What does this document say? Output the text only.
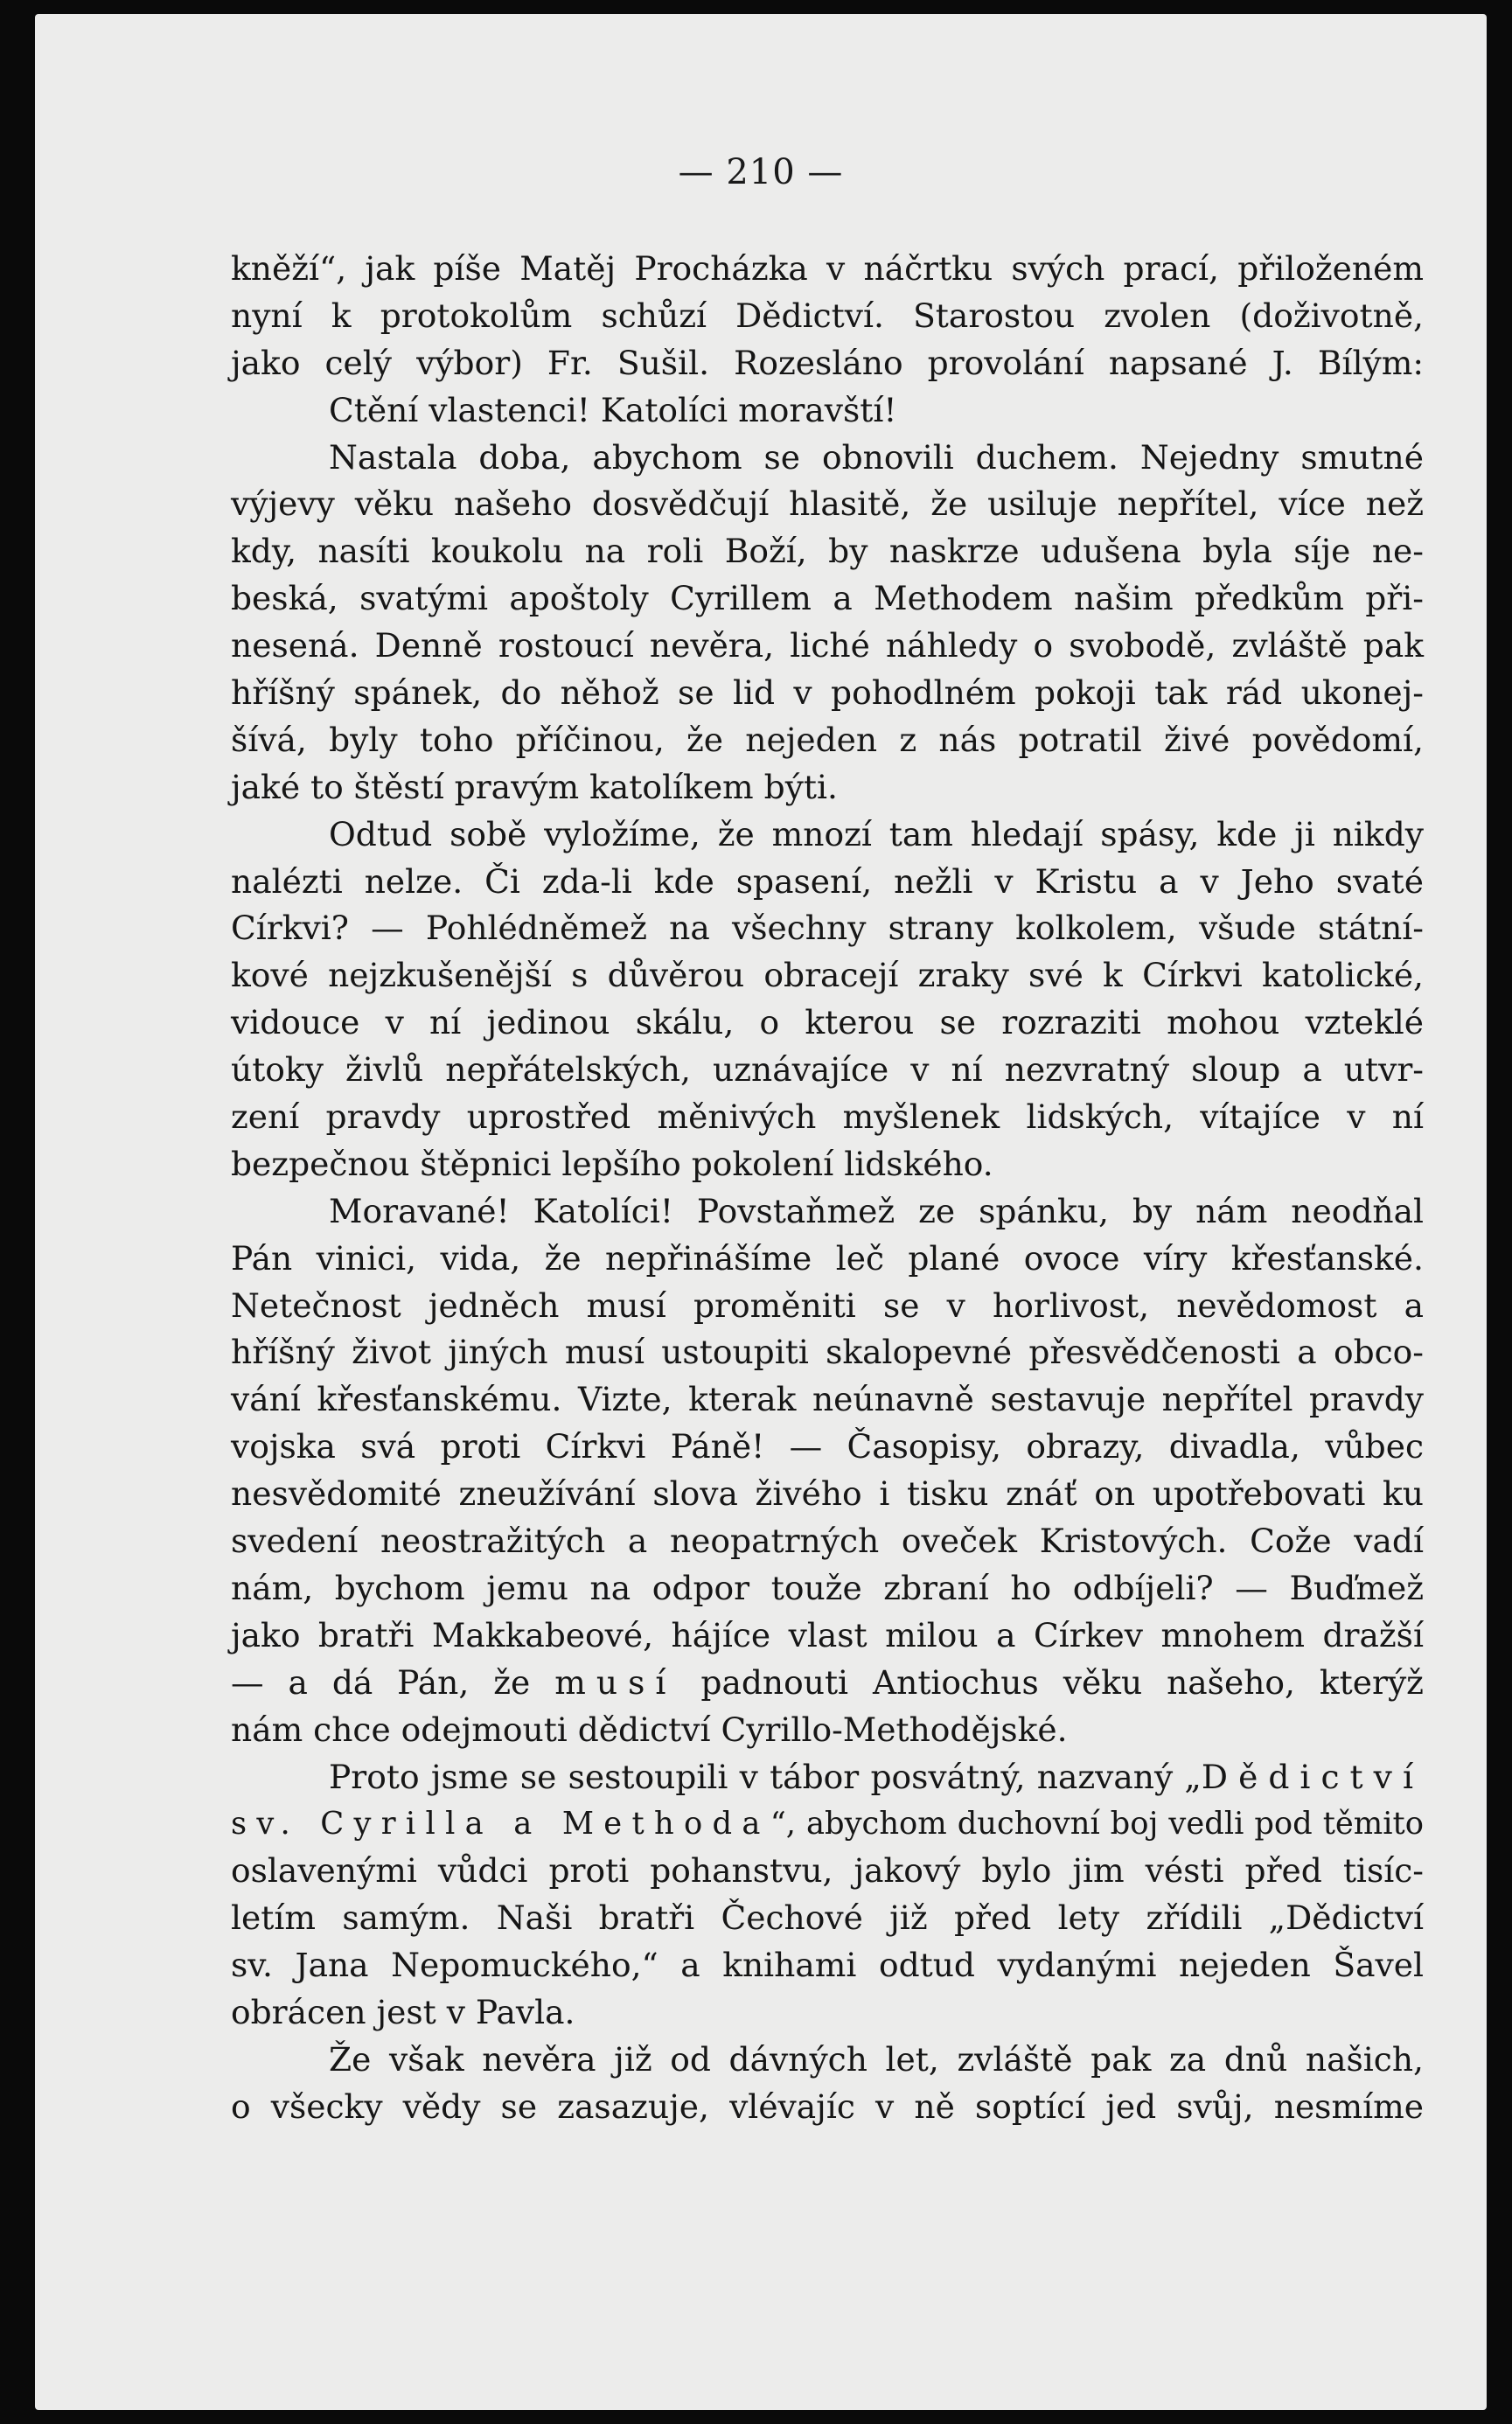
— 210 —
kněží“, jak píše Matěj Procházka v náčrtku svých prací, přiloženém
nyní k protokolům schůzí Dědictví. Starostou zvolen (doživotně,
jako celý výbor) Fr. Sušil. Rozesláno provolání napsané J. Bílým:
Ctění vlastenci! Katolíci moravští!
Nastala doba, abychom se obnovili duchem. Nejedny smutné
výjevy věku našeho dosvědčují hlasitě, že usiluje nepřítel, více než
kdy, nasíti koukolu na roli Boží, by naskrze udušena byla síje ne-
beská, svatými apoštoly Cyrillem a Methodem našim předkům při-
nesená. Denně rostoucí nevěra, liché náhledy o svobodě, zvláště pak
hříšný spánek, do něhož se lid v pohodlném pokoji tak rád ukonej-
šívá, byly toho příčinou, že nejeden z nás potratil živé povědomí,
jaké to štěstí pravým katolíkem býti.
Odtud sobě vyložíme, že mnozí tam hledají spásy, kde ji nikdy
nalézti nelze. Či zda-li kde spasení, nežli v Kristu a v Jeho svaté
Církvi? — Pohlédněmež na všechny strany kolkolem, všude státní-
kové nejzkušenější s důvěrou obracejí zraky své k Církvi katolické,
vidouce v ní jedinou skálu, o kterou se rozraziti mohou vzteklé
útoky živlů nepřátelských, uznávajíce v ní nezvratný sloup a utvr-
zení pravdy uprostřed měnivých myšlenek lidských, vítajíce v ní
bezpečnou štěpnici lepšího pokolení lidského.
Moravané! Katolíci! Povstaňmež ze spánku, by nám neodňal
Pán vinici, vida, že nepřinášíme leč plané ovoce víry křesťanské.
Netečnost jedněch musí proměniti se v horlivost, nevědomost a
hříšný život jiných musí ustoupiti skalopevné přesvědčenosti a obco-
vání křesťanskému. Vizte, kterak neúnavně sestavuje nepřítel pravdy
vojska svá proti Církvi Páně! — Časopisy, obrazy, divadla, vůbec
nesvědomité zneužívání slova živého i tisku znáť on upotřebovati ku
svedení neostražitých a neopatrných oveček Kristových. Cože vadí
nám, bychom jemu na odpor touže zbraní ho odbíjeli? — Buďmež
jako bratři Makkabeové, hájíce vlast milou a Církev mnohem dražší
— a dá Pán, že musí padnouti Antiochus věku našeho, kterýž
nám chce odejmouti dědictví Cyrillo-Methodějské.
Proto jsme se sestoupili v tábor posvátný, nazvaný „Dědictví
sv. Cyrilla a Methoda“, abychom duchovní boj vedli pod těmito
oslavenými vůdci proti pohanstvu, jakový bylo jim vésti před tisíc-
letím samým. Naši bratři Čechové již před lety zřídili „Dědictví
sv. Jana Nepomuckého,“ a knihami odtud vydanými nejeden Šavel
obrácen jest v Pavla.
Že však nevěra již od dávných let, zvláště pak za dnů našich,
o všecky vědy se zasazuje, vlévajíc v ně soptící jed svůj, nesmíme
